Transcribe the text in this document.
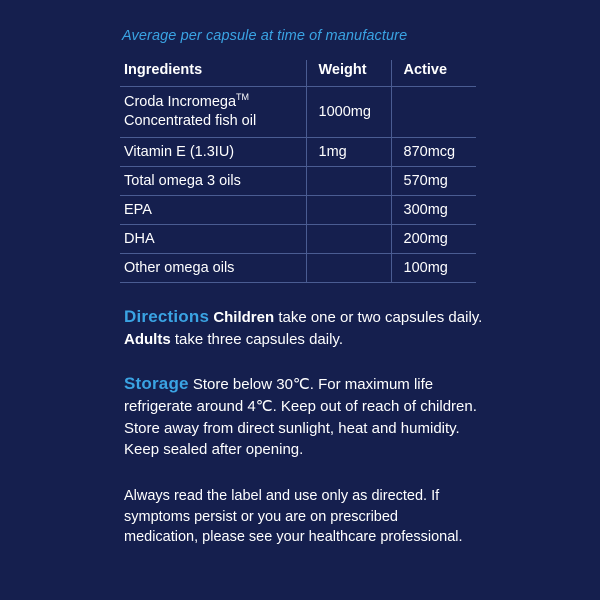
Average per capsule at time of manufacture

Ingredients	Weight	Active
Croda Incromega™
Concentrated fish oil	1000mg	
Vitamin E (1.3IU)	1mg	870mcg
Total omega 3 oils		570mg
EPA		300mg
DHA		200mg
Other omega oils		100mg

Directions Children take one or two capsules daily. Adults take three capsules daily.

Storage Store below 30℃. For maximum life refrigerate around 4℃. Keep out of reach of children. Store away from direct sunlight, heat and humidity. Keep sealed after opening.

Always read the label and use only as directed. If symptoms persist or you are on prescribed medication, please see your healthcare professional.
